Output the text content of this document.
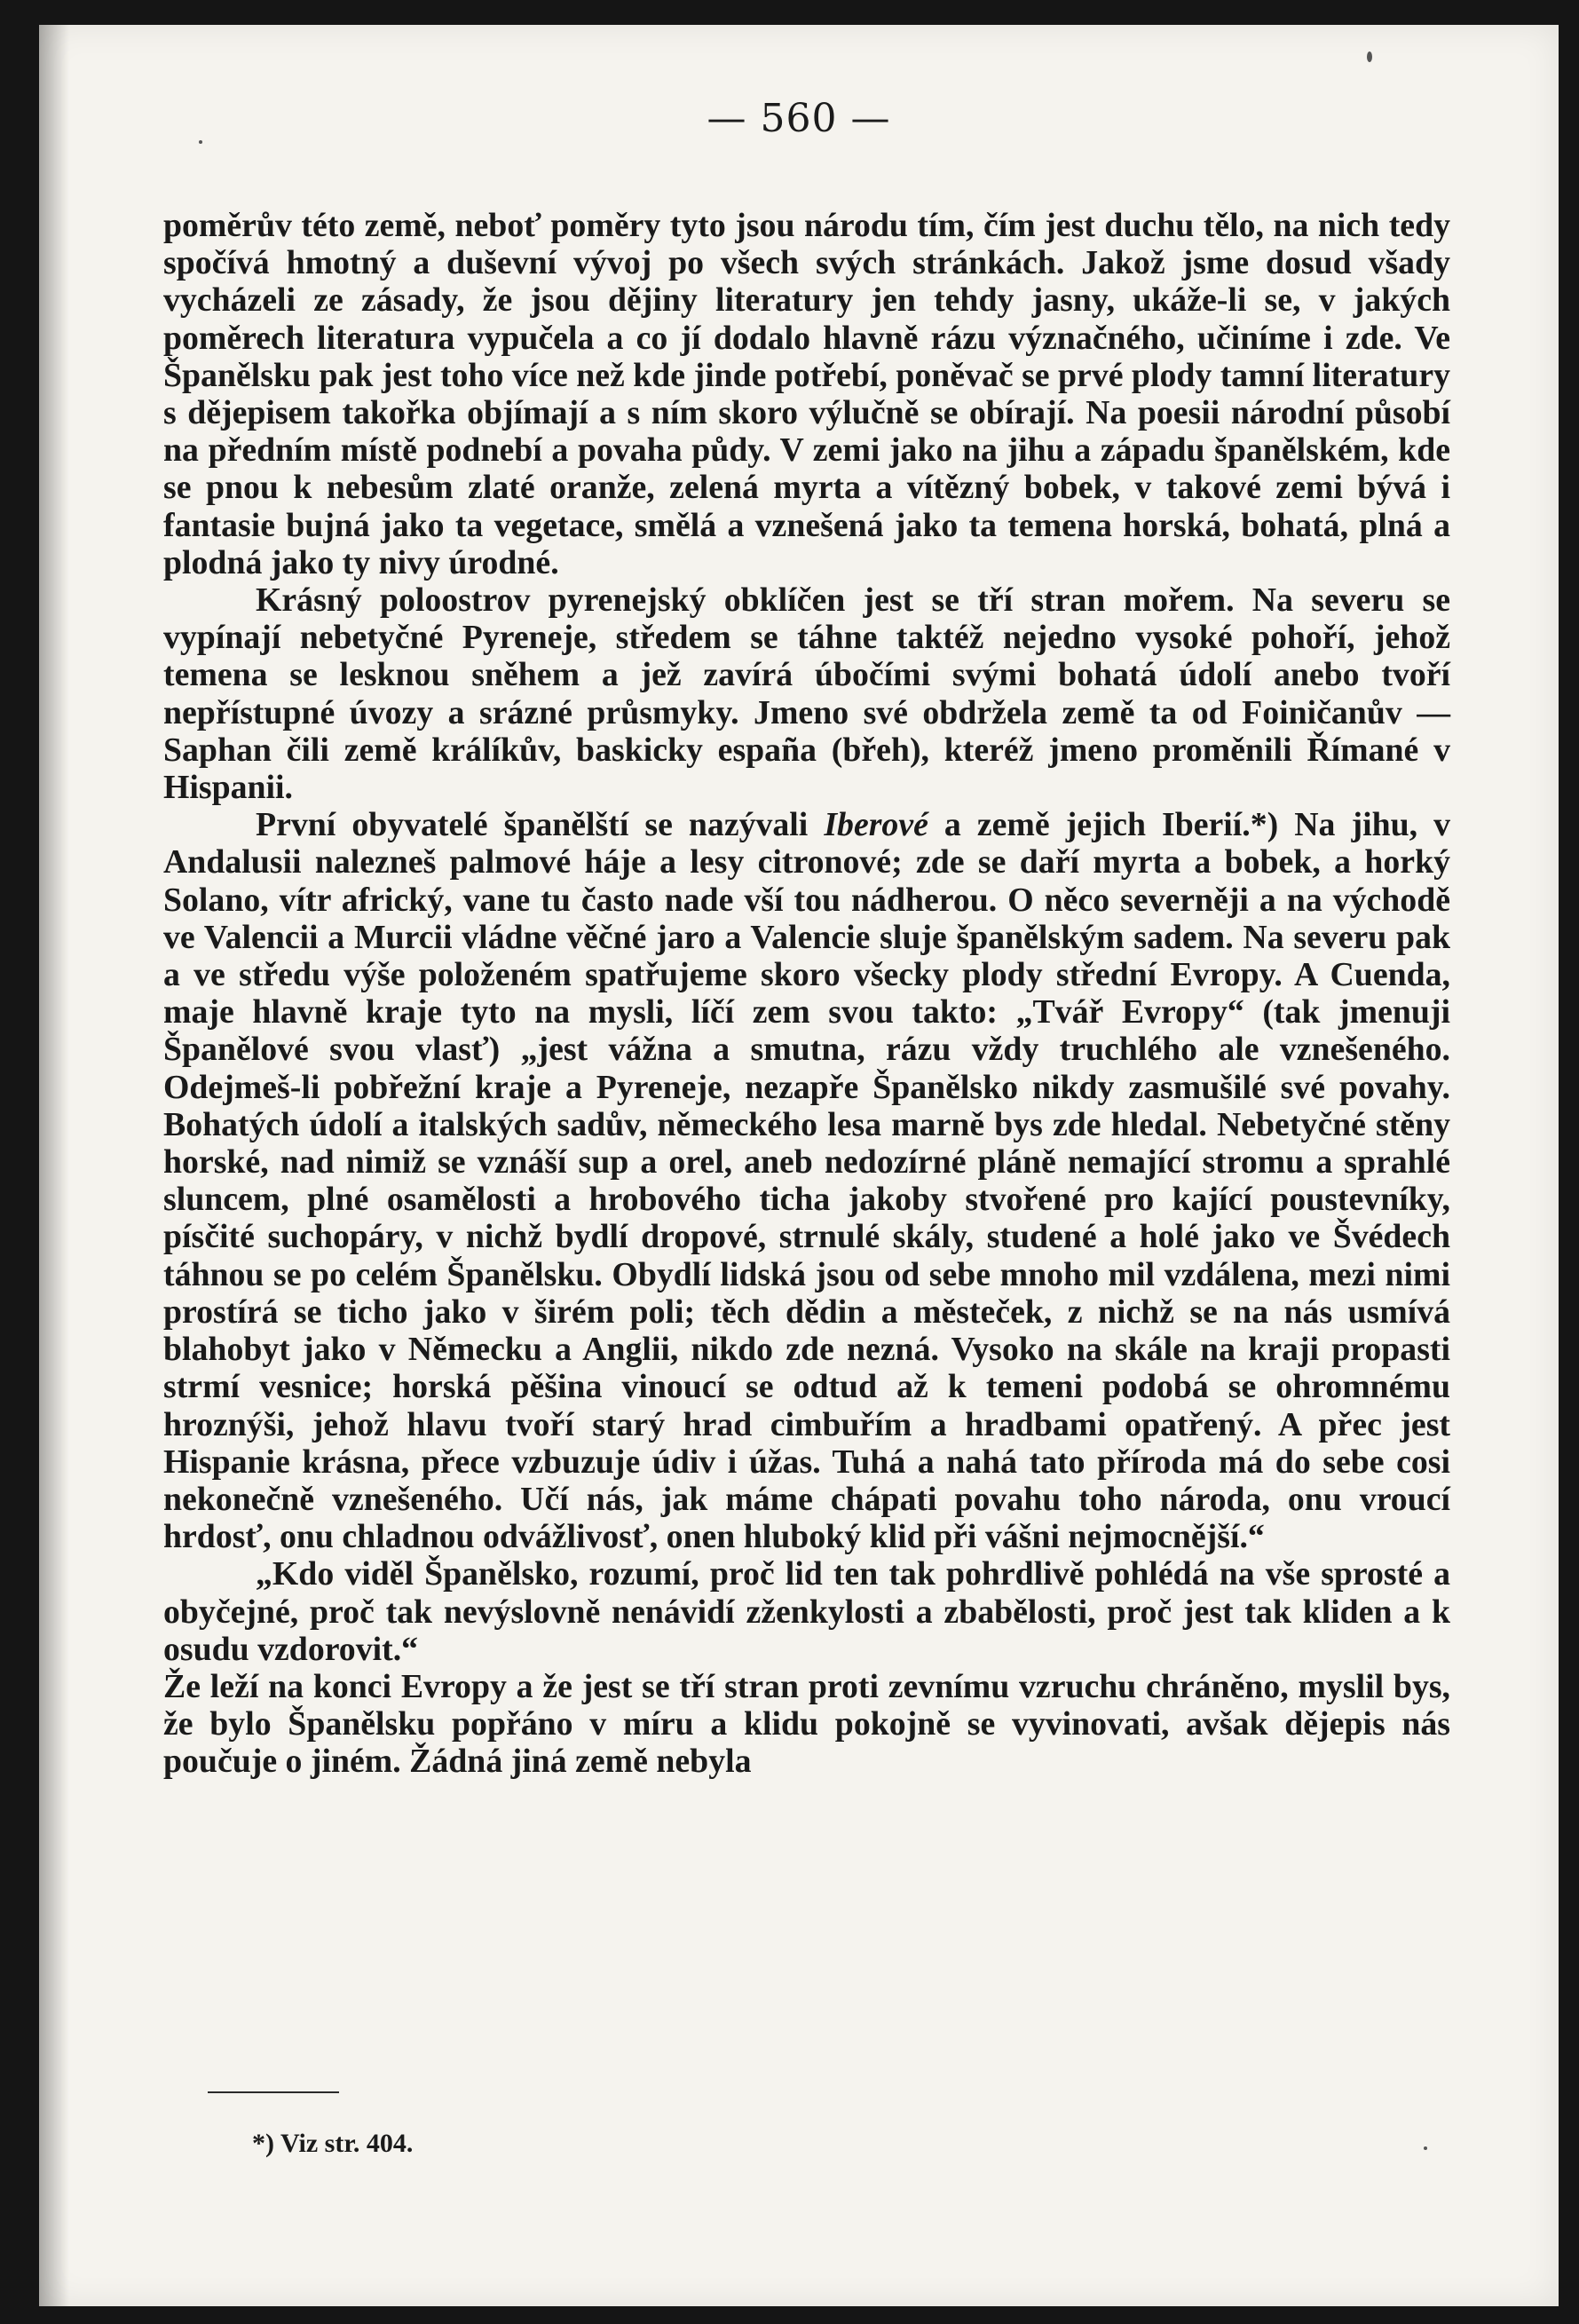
— 560 —

poměrův této země, neboť poměry tyto jsou národu tím, čím jest duchu tělo, na nich tedy spočívá hmotný a duševní vývoj po všech svých stránkách. Jakož jsme dosud všady vycházeli ze zásady, že jsou dějiny literatury jen tehdy jasny, ukáže-li se, v jakých poměrech literatura vypučela a co jí dodalo hlavně rázu význačného, učiníme i zde. Ve Španělsku pak jest toho více než kde jinde potřebí, poněvač se prvé plody tamní literatury s dějepisem takořka objímají a s ním skoro výlučně se obírají. Na poesii národní působí na předním místě podnebí a povaha půdy. V zemi jako na jihu a západu španělském, kde se pnou k nebesům zlaté oranže, zelená myrta a vítězný bobek, v takové zemi bývá i fantasie bujná jako ta vegetace, smělá a vznešená jako ta temena horská, bohatá, plná a plodná jako ty nivy úrodné.

Krásný poloostrov pyrenejský obklíčen jest se tří stran mořem. Na severu se vypínají nebetyčné Pyreneje, středem se táhne taktéž nejedno vysoké pohoří, jehož temena se lesknou sněhem a jež zavírá úbočími svými bohatá údolí anebo tvoří nepřístupné úvozy a srázné průsmyky. Jmeno své obdržela země ta od Foiničanův — Saphan čili země králíkův, baskicky españa (břeh), kteréž jmeno proměnili Římané v Hispanii.

První obyvatelé španělští se nazývali Iberové a země jejich Iberií.*) Na jihu, v Andalusii nalezneš palmové háje a lesy citronové; zde se daří myrta a bobek, a horký Solano, vítr africký, vane tu často nade vší tou nádherou. O něco severněji a na východě ve Valencii a Murcii vládne věčné jaro a Valencie sluje španělským sadem. Na severu pak a ve středu výše položeném spatřujeme skoro všecky plody střední Evropy. A Cuenda, maje hlavně kraje tyto na mysli, líčí zem svou takto: „Tvář Evropy“ (tak jmenuji Španělové svou vlasť) „jest vážna a smutna, rázu vždy truchlého ale vznešeného. Odejmeš-li pobřežní kraje a Pyreneje, nezapře Španělsko nikdy zasmušilé své povahy. Bohatých údolí a italských sadův, německého lesa marně bys zde hledal. Nebetyčné stěny horské, nad nimiž se vznáší sup a orel, aneb nedozírné pláně nemající stromu a sprahlé sluncem, plné osamělosti a hrobového ticha jakoby stvořené pro kající poustevníky, písčité suchopáry, v nichž bydlí dropové, strnulé skály, studené a holé jako ve Švédech táhnou se po celém Španělsku. Obydlí lidská jsou od sebe mnoho mil vzdálena, mezi nimi prostírá se ticho jako v širém poli; těch dědin a městeček, z nichž se na nás usmívá blahobyt jako v Německu a Anglii, nikdo zde nezná. Vysoko na skále na kraji propasti strmí vesnice; horská pěšina vinoucí se odtud až k temeni podobá se ohromnému hroznýši, jehož hlavu tvoří starý hrad cimbuřím a hradbami opatřený. A přec jest Hispanie krásna, přece vzbuzuje údiv i úžas. Tuhá a nahá tato příroda má do sebe cosi nekonečně vznešeného. Učí nás, jak máme chápati povahu toho národa, onu vroucí hrdosť, onu chladnou odvážlivosť, onen hluboký klid při vášni nejmocnější.“

„Kdo viděl Španělsko, rozumí, proč lid ten tak pohrdlivě pohlédá na vše sprosté a obyčejné, proč tak nevýslovně nenávidí zženkylosti a zbabělosti, proč jest tak kliden a k osudu vzdorovit.“

Že leží na konci Evropy a že jest se tří stran proti zevnímu vzruchu chráněno, myslil bys, že bylo Španělsku popřáno v míru a klidu pokojně se vyvinovati, avšak dějepis nás poučuje o jiném. Žádná jiná země nebyla

*) Viz str. 404.
